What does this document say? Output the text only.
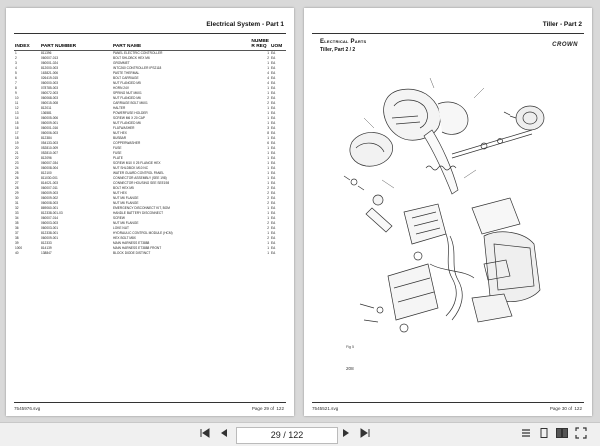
Electrical System - Part 1
INDEX	PART NUMBER	PART NAME	NUMBE R REQ	UOM
1	811396	PANEL ELECTRIC CONTROLLER	1	EA
2	060007-013	BOLT SHLDBCK HEX M6	2	EA
3	060001-024	GROMMET	1	EA
4	812000-003	INTC260 CONTROLLER IPS2118	1	EA
5	163821-006	PASTE THERMAL	4	EA
6	026419-015	BOLT CARRIAGE	4	EA
7	060000-003	NUT FLANGED M5	4	EA
8	078785-003	HORN 24V	1	EA
9	060072-003	SPRING NUT M6X1	1	EA
10	060068-003	NUT FLANGED M6	2	EA
11	060015-008	CARRIAGE BOLT M6X1	2	EA
12	812011	HALTER	1	EA
13	136581	POWERFUSE HOLDER	1	EA
14	060005-006	SCREW M6 X 20 CAP	1	EA
15	060009-001	NUT FLANGED M6	1	EA
16	060001-016	FLATWASHER	3	EA
17	060006-003	NUT HEX	8	EA
18	812384	BUSBAR	1	EA
19	054133-003	COPPERWASHER	6	EA
20	052810-009	FUSE	1	EA
21	052810-007	FUSE	1	EA
22	812096	PLATE	1	EA
23	060007-034	SCREW M10 X 25 FLANGE HEX	1	EA
24	060008-004	NUT SHLDBCK M10 NC	1	EA
25	812100	WATER GUARD CONTROL PANEL	1	EA
26	811030-001	CONNECTOR ASSEMBLY (SEE 198)	1	EA
27	814021-003	CONNECTOR HOUSING SEE SEE198	1	EA
28	060007-011	BOLT HEX M5	2	EA
29	060009-003	NUT HEX	2	EA
30	060009-002	NUT M6 FLANGE	2	EA
31	060008-003	NUT M6 FLANGE	2	EA
32	869060-001	EMERGENCY DISCONNECT KIT, BOM	1	EA
33	812338-001-03	HANDLE BATTERY DISCONNECT	1	EA
34	060007-014	SCREW	1	EA
35	060003-003	NUT M6 FLANGE	2	EA
36	060003-001	LOKE NUT	2	EA
37	812338-001	HYDRAULIC CONTROL MODULE (HCM)	1	EA
38	060009-001	HEX BOLT M8X	2	EA
39	812333	MAIN HARNESS ET3888	1	EA
1000	814139	MAIN HARNESS ET3888 FRONT	1	EA
40	138847	BLOCK DIODE DISTINCT	1	EA
7545976.svg	Page 29 of 122
Tiller - Part 2
Electrical Parts
Tiller, Part 2 / 2
CROWN
Fig 5
208
7545521.svg	Page 30 of 122
29 / 122
